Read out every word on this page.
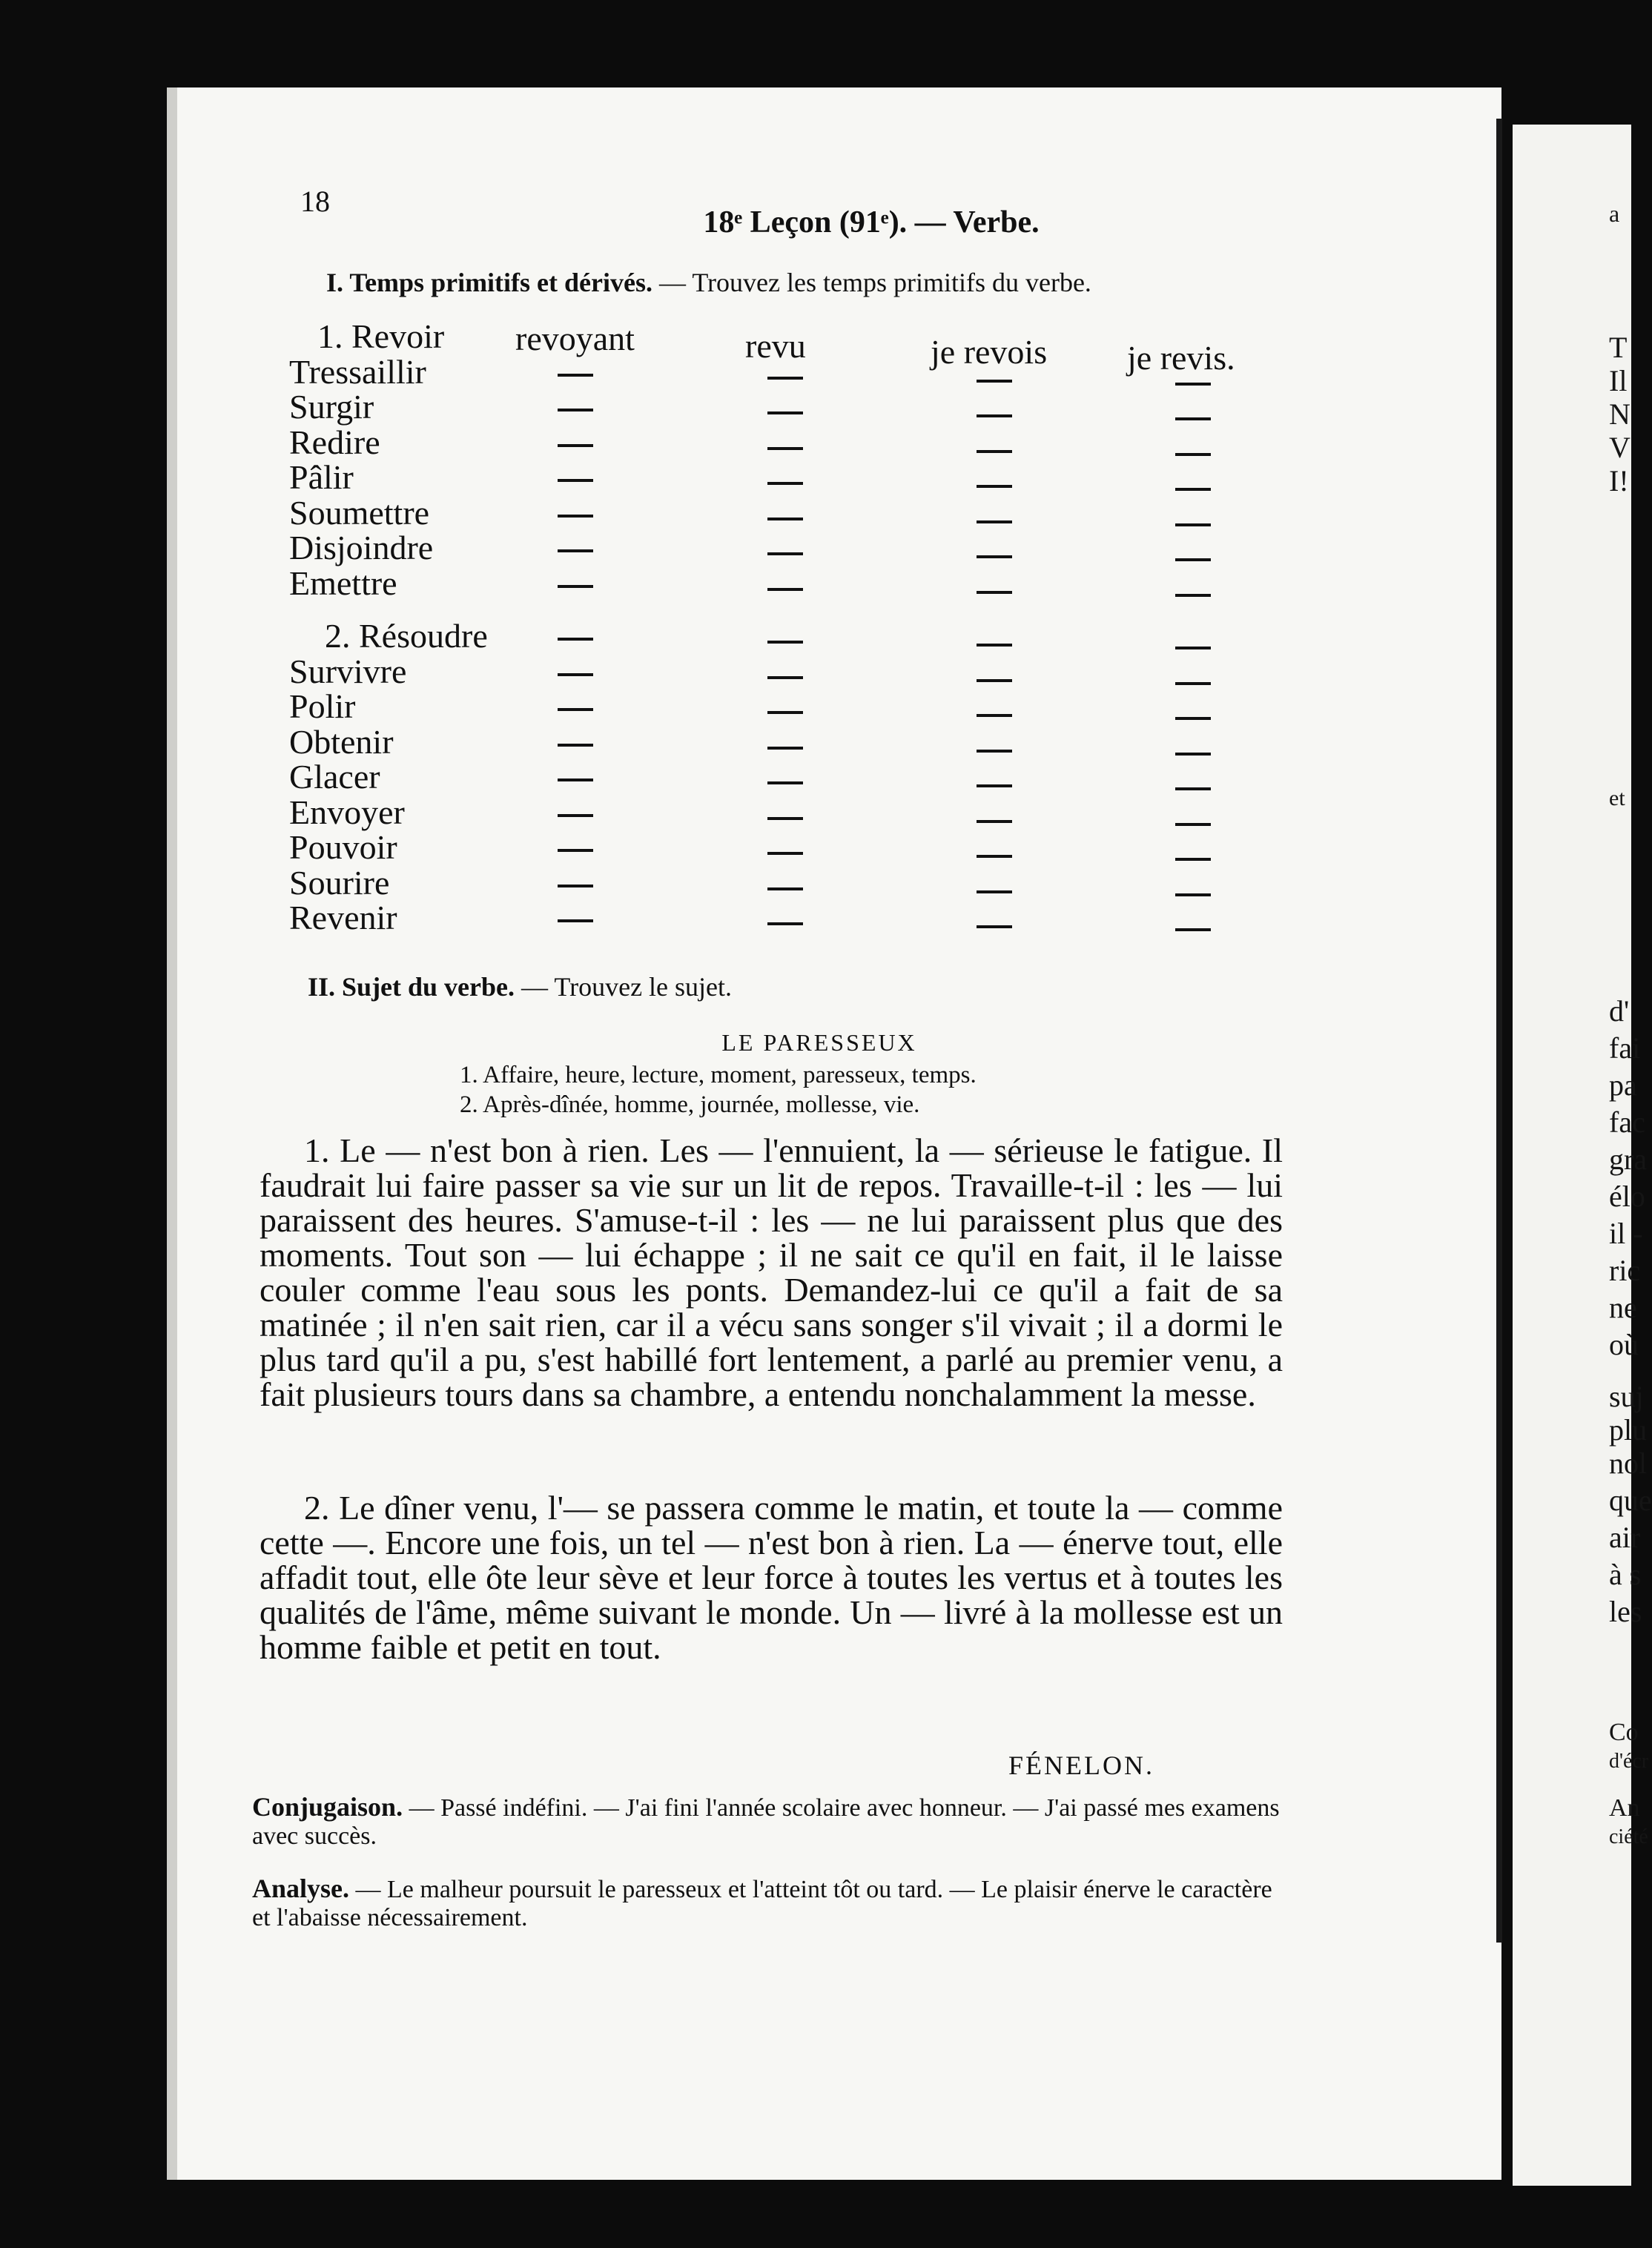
a
T
Il
N
V
I!
et
d'
fai
pa
fac
gra
élo
il -
ric
ne
où
suj
plu
nol
que
air
à s
les
Co
d'écr
An
ciété
18
18ᵉ Leçon (91ᵉ). — Verbe.
I. Temps primitifs et dérivés. — Trouvez les temps primitifs du verbe.
1. Revoir
Tressaillir
Surgir
Redire
Pâlir
Soumettre
Disjoindre
Emettre
2. Résoudre
Survivre
Polir
Obtenir
Glacer
Envoyer
Pouvoir
Sourire
Revenir
revoyant	revu	je revois je revis.
II. Sujet du verbe. — Trouvez le sujet.
LE PARESSEUX
1. Affaire, heure, lecture, moment, paresseux, temps.
2. Après-dînée, homme, journée, mollesse, vie.
1. Le — n'est bon à rien. Les — l'ennuient, la — sérieuse le fatigue. Il faudrait lui faire passer sa vie sur un lit de repos. Travaille-t-il : les — lui paraissent des heures. S'amuse-t-il : les — ne lui paraissent plus que des moments. Tout son — lui échappe ; il ne sait ce qu'il en fait, il le laisse couler comme l'eau sous les ponts. Demandez-lui ce qu'il a fait de sa matinée ; il n'en sait rien, car il a vécu sans songer s'il vivait ; il a dormi le plus tard qu'il a pu, s'est habillé fort lentement, a parlé au premier venu, a fait plusieurs tours dans sa chambre, a entendu nonchalamment la messe.
2. Le dîner venu, l'— se passera comme le matin, et toute la — comme cette —. Encore une fois, un tel — n'est bon à rien. La — énerve tout, elle affadit tout, elle ôte leur sève et leur force à toutes les vertus et à toutes les qualités de l'âme, même suivant le monde. Un — livré à la mollesse est un homme faible et petit en tout.
FÉNELON.
Conjugaison. — Passé indéfini. — J'ai fini l'année scolaire avec honneur. — J'ai passé mes examens avec succès.
Analyse. — Le malheur poursuit le paresseux et l'atteint tôt ou tard. — Le plaisir énerve le caractère et l'abaisse nécessairement.
